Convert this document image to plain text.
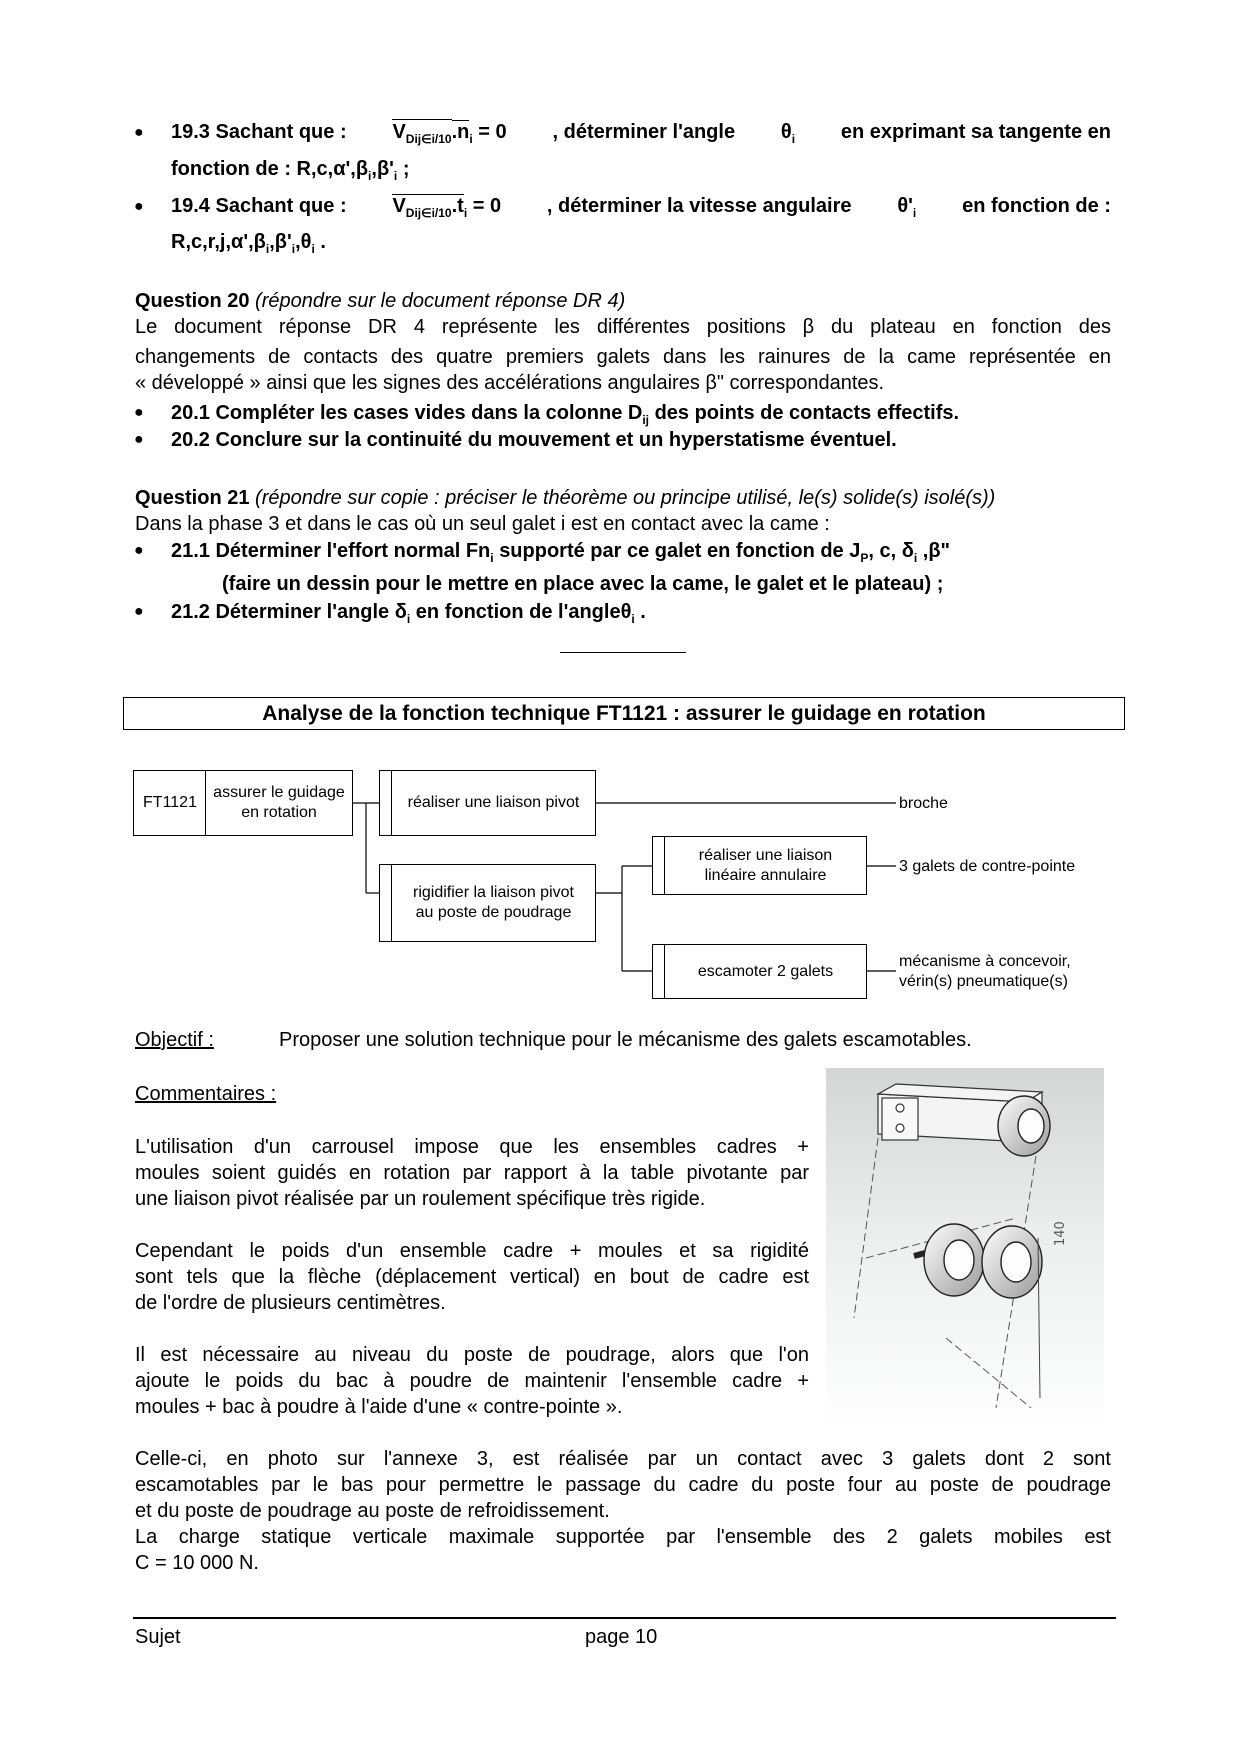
● 19.3 Sachant que : $V_{Dij\in i/10}.n_i = 0$ , déterminer l'angle $\theta_i$ en exprimant sa tangente en
fonction de : $R,c,\alpha',\beta_i,\beta'_i$ ;
● 19.4 Sachant que : $V_{Dij\in i/10}.t_i = 0$ , déterminer la vitesse angulaire $\theta'_i$ en fonction de :
$R,c,r,j,\alpha',\beta_i,\beta'_i,\theta_i$ .
Question 20 (répondre sur le document réponse DR 4)
Le document réponse DR 4 représente les différentes positions β du plateau en fonction des
changements de contacts des quatre premiers galets dans les rainures de la came représentée en
« développé » ainsi que les signes des accélérations angulaires β" correspondantes.
● 20.1 Compléter les cases vides dans la colonne $D_{ij}$ des points de contacts effectifs.
● 20.2 Conclure sur la continuité du mouvement et un hyperstatisme éventuel.
Question 21 (répondre sur copie : préciser le théorème ou principe utilisé, le(s) solide(s) isolé(s))
Dans la phase 3 et dans le cas où un seul galet i est en contact avec la came :
● 21.1 Déterminer l'effort normal $Fn_i$ supporté par ce galet en fonction de $J_P$, c, $\delta_i$ ,β"
(faire un dessin pour le mettre en place avec la came, le galet et le plateau) ;
● 21.2 Déterminer l'angle $\delta_i$ en fonction de l'angleθ$_i$ .
Analyse de la fonction technique FT1121 : assurer le guidage en rotation
FT1121
assurer le guidage en rotation
réaliser une liaison pivot	broche
rigidifier la liaison pivot au poste de poudrage
réaliser une liaison linéaire annulaire	3 galets de contre-pointe
escamoter 2 galets
mécanisme à concevoir, vérin(s) pneumatique(s)
Objectif :	Proposer une solution technique pour le mécanisme des galets escamotables.
Commentaires :
L'utilisation d'un carrousel impose que les ensembles cadres +
moules soient guidés en rotation par rapport à la table pivotante par
une liaison pivot réalisée par un roulement spécifique très rigide.
Cependant le poids d'un ensemble cadre + moules et sa rigidité
sont tels que la flèche (déplacement vertical) en bout de cadre est
de l'ordre de plusieurs centimètres.
Il est nécessaire au niveau du poste de poudrage, alors que l'on
ajoute le poids du bac à poudre de maintenir l'ensemble cadre +
moules + bac à poudre à l'aide d'une « contre-pointe ».
140
Celle-ci, en photo sur l'annexe 3, est réalisée par un contact avec 3 galets dont 2 sont
escamotables par le bas pour permettre le passage du cadre du poste four au poste de poudrage
et du poste de poudrage au poste de refroidissement.
La charge statique verticale maximale supportée par l'ensemble des 2 galets mobiles est
C = 10 000 N.
Sujet	page 10
